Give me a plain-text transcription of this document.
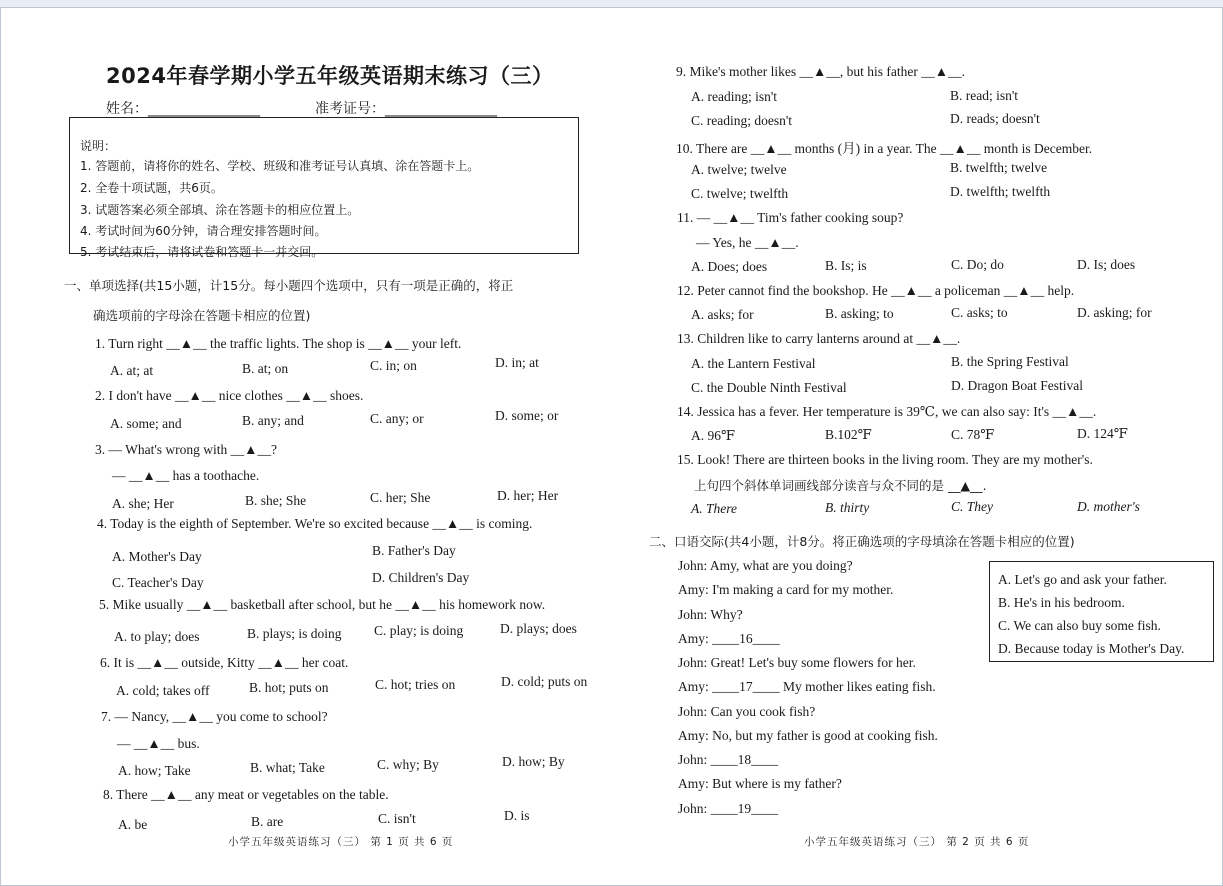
2024年春学期小学五年级英语期末练习（三）
姓名：________________	准考证号：________________
说明：
1. 答题前，请将你的姓名、学校、班级和准考证号认真填、涂在答题卡上。
2. 全卷十项试题，共6页。
3. 试题答案必须全部填、涂在答题卡的相应位置上。
4. 考试时间为60分钟，请合理安排答题时间。
5. 考试结束后，请将试卷和答题卡一并交回。
一、单项选择(共15小题，计15分。每小题四个选项中，只有一项是正确的，将正
确选项前的字母涂在答题卡相应的位置)
1. Turn right __▲__ the traffic lights. The shop is __▲__ your left.
A. at; at	B. at; on	C. in; on	D. in; at
2. I don't have __▲__ nice clothes __▲__ shoes.
A. some; and	B. any; and	C. any; or	D. some; or
3. — What's wrong with __▲__?
— __▲__ has a toothache.
A. she; Her	B. she; She	C. her; She	D. her; Her
4. Today is the eighth of September. We're so excited because __▲__ is coming.
A. Mother's Day	B. Father's Day
C. Teacher's Day	D. Children's Day
5. Mike usually __▲__ basketball after school, but he __▲__ his homework now.
A. to play; does	B. plays; is doing C. play; is doing	D. plays; does
6. It is __▲__ outside, Kitty __▲__ her coat.
A. cold; takes off	B. hot; puts on	C. hot; tries on	D. cold; puts on
7. — Nancy, __▲__ you come to school?
— __▲__ bus.
A. how; Take	B. what; Take	C. why; By	D. how; By
8. There __▲__ any meat or vegetables on the table.
A. be	B. are	C. isn't	D. is
小学五年级英语练习（三） 第 1 页 共 6 页
9. Mike's mother likes __▲__, but his father __▲__.
A. reading; isn't	B. read; isn't
C. reading; doesn't	D. reads; doesn't
10. There are __▲__ months (月) in a year. The __▲__ month is December.
A. twelve; twelve	B. twelfth; twelve
C. twelve; twelfth	D. twelfth; twelfth
11. — __▲__ Tim's father cooking soup?
— Yes, he __▲__.
A. Does; does	B. Is; is	C. Do; do	D. Is; does
12. Peter cannot find the bookshop. He __▲__ a policeman __▲__ help.
A. asks; for	B. asking; to	C. asks; to	D. asking; for
13. Children like to carry lanterns around at __▲__.
A. the Lantern Festival	B. the Spring Festival
C. the Double Ninth Festival	D. Dragon Boat Festival
14. Jessica has a fever. Her temperature is 39℃, we can also say: It's __▲__.
A. 96℉	B.102℉	C. 78℉	D. 124℉
15. Look! There are thirteen books in the living room. They are my mother's.
上句四个斜体单词画线部分读音与众不同的是 __▲__.
A. There	B. thirty	C. They	D. mother's
二、口语交际(共4小题，计8分。将正确选项的字母填涂在答题卡相应的位置)
John: Amy, what are you doing?
Amy: I'm making a card for my mother.
John: Why?
Amy: ____16____
John: Great! Let's buy some flowers for her.
Amy: ____17____ My mother likes eating fish.
John: Can you cook fish?
Amy: No, but my father is good at cooking fish.
John: ____18____
Amy: But where is my father?
John: ____19____
A. Let's go and ask your father.
B. He's in his bedroom.
C. We can also buy some fish.
D. Because today is Mother's Day.
小学五年级英语练习（三） 第 2 页 共 6 页
